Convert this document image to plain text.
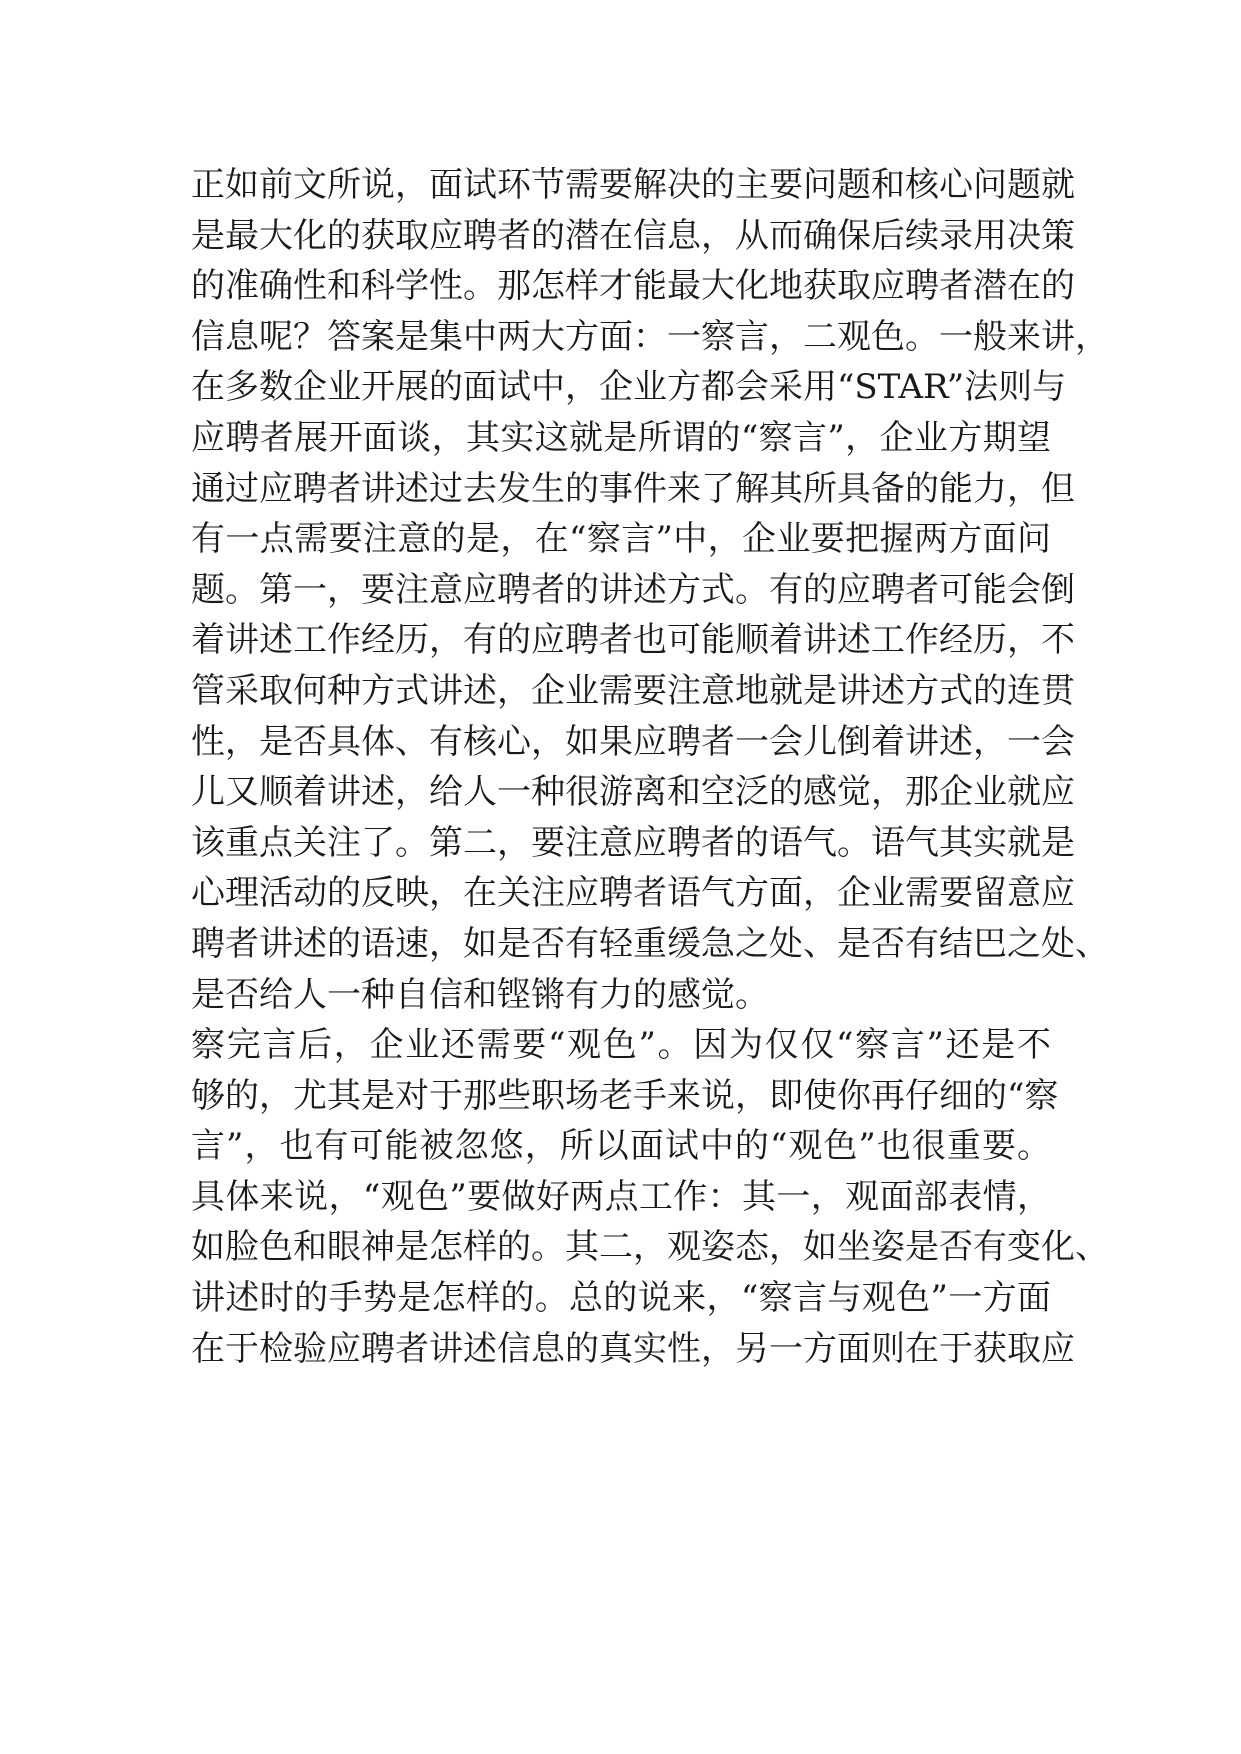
正如前文所说，面试环节需要解决的主要问题和核心问题就
是最大化的获取应聘者的潜在信息，从而确保后续录用决策
的准确性和科学性。那怎样才能最大化地获取应聘者潜在的
信息呢？答案是集中两大方面：一察言，二观色。一般来讲，
在多数企业开展的面试中，企业方都会采用“STAR”法则与
应聘者展开面谈，其实这就是所谓的“察言”，企业方期望
通过应聘者讲述过去发生的事件来了解其所具备的能力，但
有一点需要注意的是，在“察言”中，企业要把握两方面问
题。第一，要注意应聘者的讲述方式。有的应聘者可能会倒
着讲述工作经历，有的应聘者也可能顺着讲述工作经历，不
管采取何种方式讲述，企业需要注意地就是讲述方式的连贯
性，是否具体、有核心，如果应聘者一会儿倒着讲述，一会
儿又顺着讲述，给人一种很游离和空泛的感觉，那企业就应
该重点关注了。第二，要注意应聘者的语气。语气其实就是
心理活动的反映，在关注应聘者语气方面，企业需要留意应
聘者讲述的语速，如是否有轻重缓急之处、是否有结巴之处、
是否给人一种自信和铿锵有力的感觉。
察完言后，企业还需要“观色”。因为仅仅“察言”还是不
够的，尤其是对于那些职场老手来说，即使你再仔细的“察
言”，也有可能被忽悠，所以面试中的“观色”也很重要。
具体来说，“观色”要做好两点工作：其一，观面部表情，
如脸色和眼神是怎样的。其二，观姿态，如坐姿是否有变化、
讲述时的手势是怎样的。总的说来，“察言与观色”一方面
在于检验应聘者讲述信息的真实性，另一方面则在于获取应
